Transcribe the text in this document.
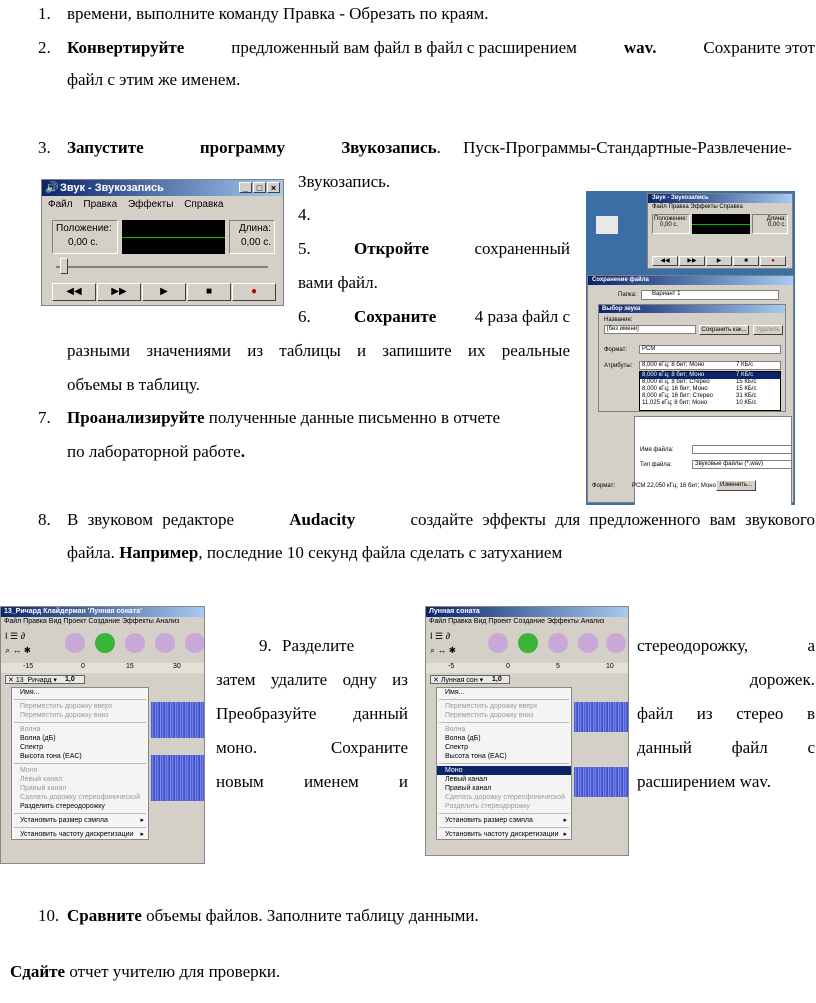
1. времени, выполните команду Правка - Обрезать по краям.
2. Конвертируйте	предложенный вам файл в файл с расширением	wav.	Сохраните этот
файл с этим же именем.
3. Запустите программу Звукозапись. Пуск-Программы-Стандартные-Развлечение-
Звукозапись.
🔊 Звук - Звукозапись	_ □ ×
Файл Правка Эффекты Справка
Положение:
0,00 с.
Длина:
0,00 с.
◀◀	▶▶	▶	■	●
4.
5.	Откройте	сохраненный
вами файл.
6.	Сохраните 4 раза файл с
разными значениями из таблицы и запишите их реальные
объемы в таблицу.
7. Проанализируйте полученные данные письменно в отчете
по лабораторной работе.
Звук - Звукозапись
Файл Правка Эффекты Справка
Положение:
0,00 с.
Длина:
0,00 с.
◀◀	▶▶	▶	■	●
Сохранение файла
Папка:	Вариант 1
Выбор звука
Название:
[без имени]	Сохранить как...	Удалить
Формат:	PCM
Атрибуты:	8,000 кГц; 8 бит; Моно	7 КБ/с
8,000 кГц; 8 бит; Моно	7 КБ/с
8,000 кГц; 8 бит; Стерео	15 КБ/с
8,000 кГц; 16 бит; Моно	15 КБ/с
8,000 кГц; 16 бит; Стерео	31 КБ/с
11,025 кГц; 8 бит; Моно	10 КБ/с
Имя файла:
Тип файла:	Звуковые файлы (*.wav)
Формат:	PCM 22,050 кГц; 16 бит; Моно Изменить...
8. В звуковом редакторе	Audacity	создайте эффекты для предложенного вам звукового
файла. Например, последние 10 секунд файла сделать с затуханием
13_Ричард Клайдерман 'Лунная соната'
Файл Правка Вид Проект Создание Эффекты Анализ
I ☰ ∂
⌕ ↔ ✱
-15	0	15	30
✕ 13_Ричард ▾	1,0
Имя...
Переместить дорожку вверх
Переместить дорожку вниз
Волна
Волна (дБ)
Спектр
Высота тона (EAC)
Моно
Левый канал
Правый канал
Сделать дорожку стереофонической
Разделить стереодорожку
Установить размер сэмпла	▸
Установить частоту дискретизации ▸
9. Разделите	стереодорожку,	а
затем удалите одну из	дорожек.
Преобразуйте данный	файл из стерео в
моно. Сохраните	данный файл с
новым именем и	расширением wav.
Лунная соната
Файл Правка Вид Проект Создание Эффекты Анализ
I ☰ ∂
⌕ ↔ ✱
-5	0	5	10
✕ Лунная сон ▾	1,0
Имя...
Переместить дорожку вверх
Переместить дорожку вниз
Волна
Волна (дБ)
Спектр
Высота тона (EAC)
Моно
Левый канал
Правый канал
Сделать дорожку стереофонической
Разделить стереодорожку
Установить размер сэмпла	▸
Установить частоту дискретизации ▸
10. Сравните объемы файлов. Заполните таблицу данными.
Сдайте отчет учителю для проверки.
